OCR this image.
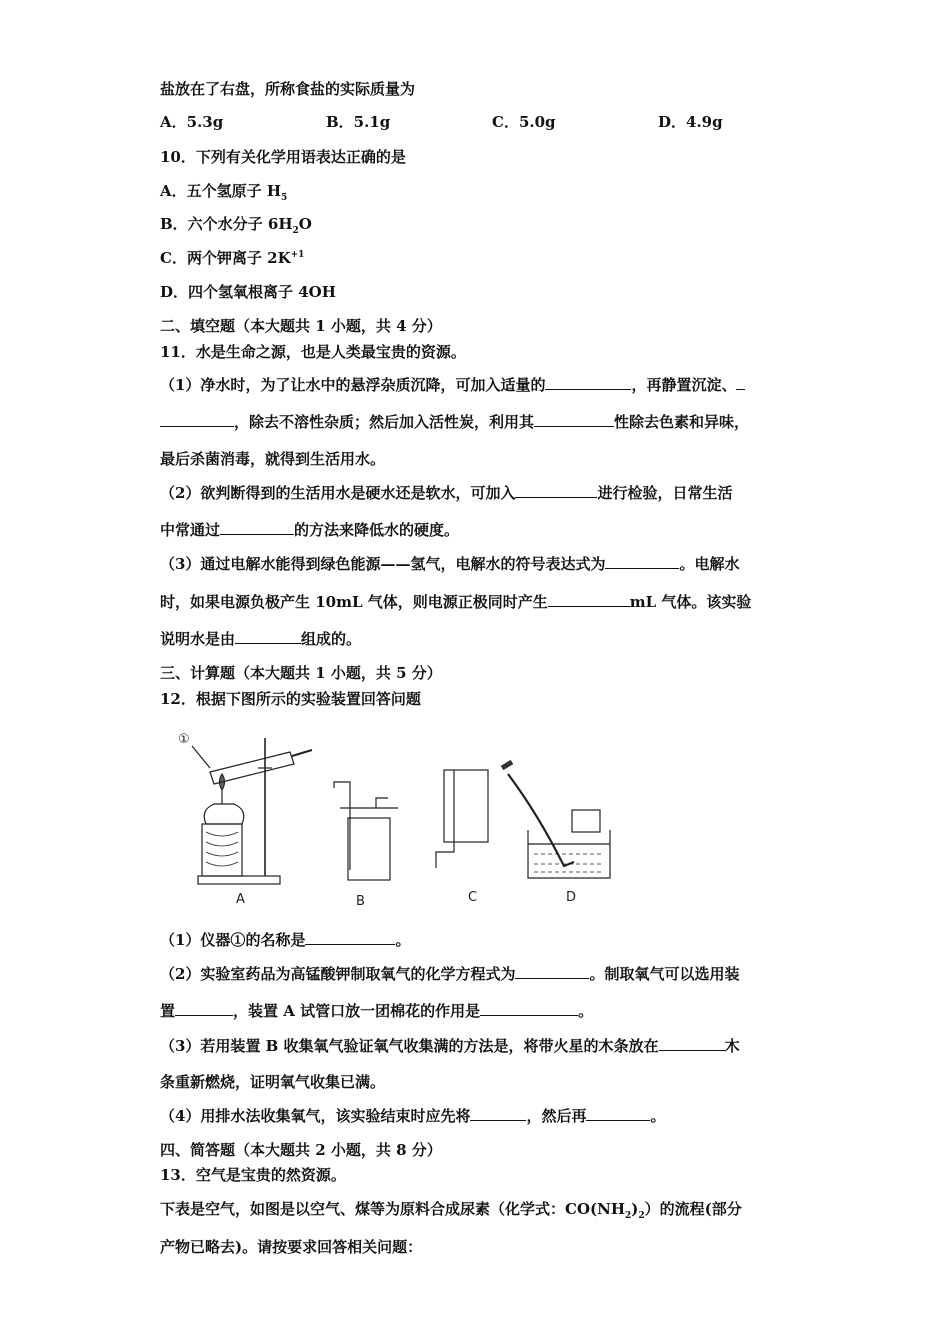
盐放在了右盘，所称食盐的实际质量为
A．5.3g	B．5.1g	C．5.0g	D．4.9g
10．下列有关化学用语表达正确的是
A．五个氢原子 $H_5$
B．六个水分子 $6H_2O$
C．两个钾离子 $2K^{+1}$
D．四个氢氧根离子 4OH
二、填空题（本大题共 1 小题，共 4 分）
11．水是生命之源，也是人类最宝贵的资源。
（1）净水时，为了让水中的悬浮杂质沉降，可加入适量的	，再静置沉淀、
，除去不溶性杂质；然后加入活性炭，利用其	性除去色素和异味，
最后杀菌消毒，就得到生活用水。
（2）欲判断得到的生活用水是硬水还是软水，可加入	进行检验，日常生活
中常通过	的方法来降低水的硬度。
（3）通过电解水能得到绿色能源——氢气，电解水的符号表达式为	。电解水
时，如果电源负极产生 10mL 气体，则电源正极同时产生	mL 气体。该实验
说明水是由	组成的。
三、计算题（本大题共 1 小题，共 5 分）
12．根据下图所示的实验装置回答问题
①
A	B	C	D
（1）仪器①的名称是	。
（2）实验室药品为高锰酸钾制取氧气的化学方程式为	。制取氧气可以选用装
置	，装置 A 试管口放一团棉花的作用是	。
（3）若用装置 B 收集氧气验证氧气收集满的方法是，将带火星的木条放在	木
条重新燃烧，证明氧气收集已满。
（4）用排水法收集氧气，该实验结束时应先将	，然后再	。
四、简答题（本大题共 2 小题，共 8 分）
13．空气是宝贵的然资源。
下表是空气，如图是以空气、煤等为原料合成尿素（化学式：$CO(NH_2)_2$）的流程(部分
产物已略去)。请按要求回答相关问题：
